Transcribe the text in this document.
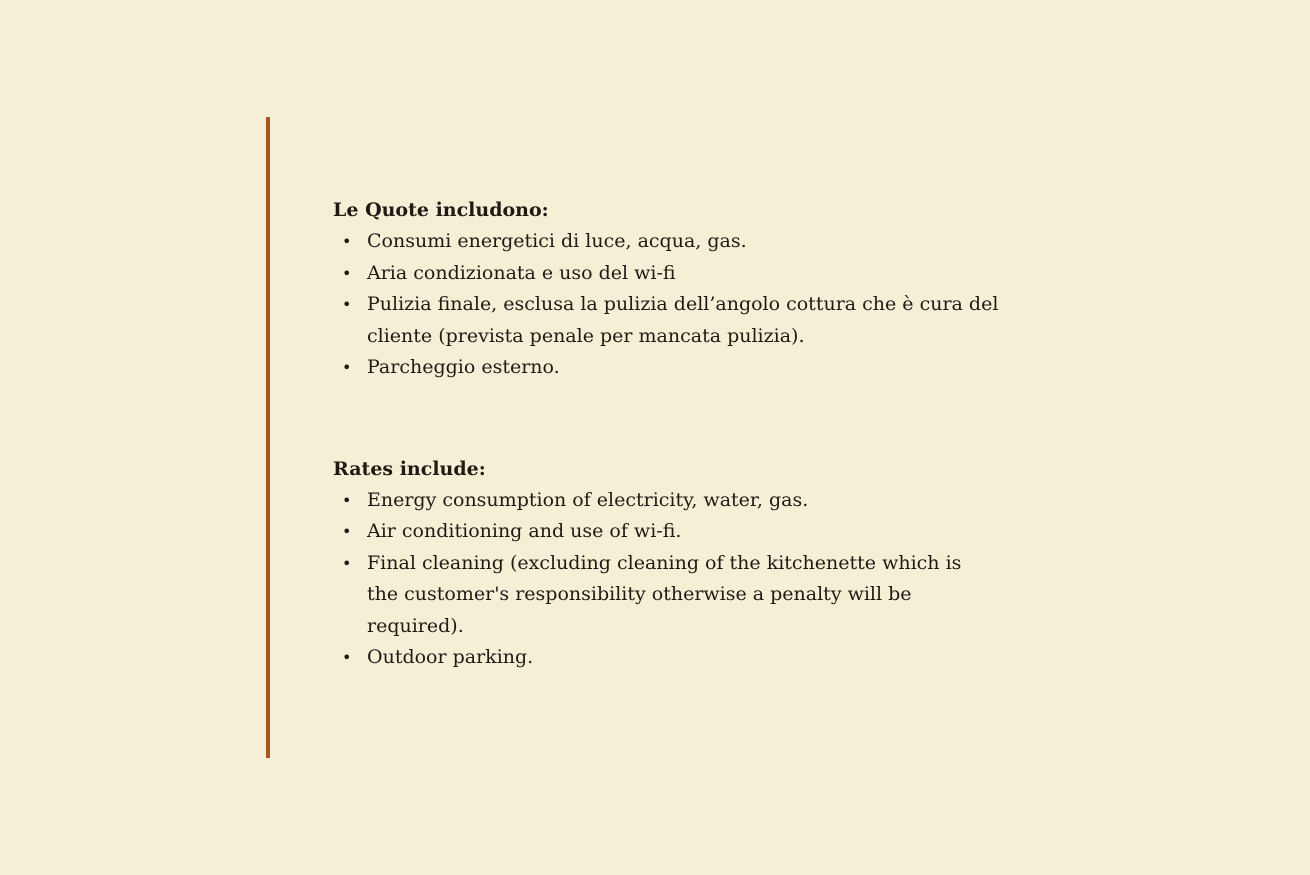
Le Quote includono:

• Consumi energetici di luce, acqua, gas.
• Aria condizionata e uso del wi-fi
• Pulizia finale, esclusa la pulizia dell’angolo cottura che è cura del cliente (prevista penale per mancata pulizia).
• Parcheggio esterno.

Rates include:

• Energy consumption of electricity, water, gas.
• Air conditioning and use of wi-fi.
• Final cleaning (excluding cleaning of the kitchenette which is the customer's responsibility otherwise a penalty will be required).
• Outdoor parking.
